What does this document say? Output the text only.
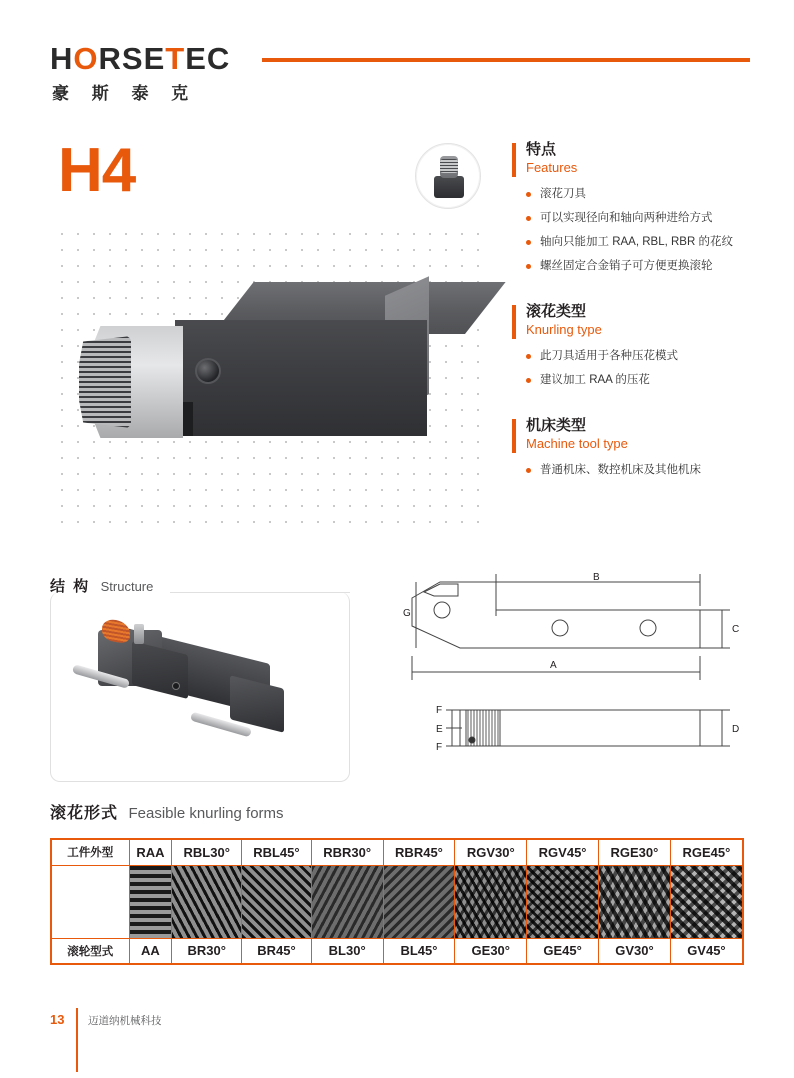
HORSETEC
豪 斯 泰 克
H4	特点
Features
滚花刀具
可以实现径向和轴向两种进给方式
轴向只能加工 RAA, RBL, RBR 的花纹
螺丝固定合金销子可方便更换滚轮
滚花类型
Knurling type
此刀具适用于各种压花模式
建议加工 RAA 的压花
机床类型
Machine tool type
普通机床、数控机床及其他机床
结 构 Structure
B
G
C
A
F
E
F
D
滚花形式 Feasible knurling forms
工件外型	RAA	RBL30°	RBL45°	RBR30°	RBR45°	RGV30°	RGV45°	RGE30°	RGE45°

滚轮型式	AA	BR30°	BR45°	BL30°	BL45°	GE30°	GE45°	GV30°	GV45°
13 迈道纳机械科技
